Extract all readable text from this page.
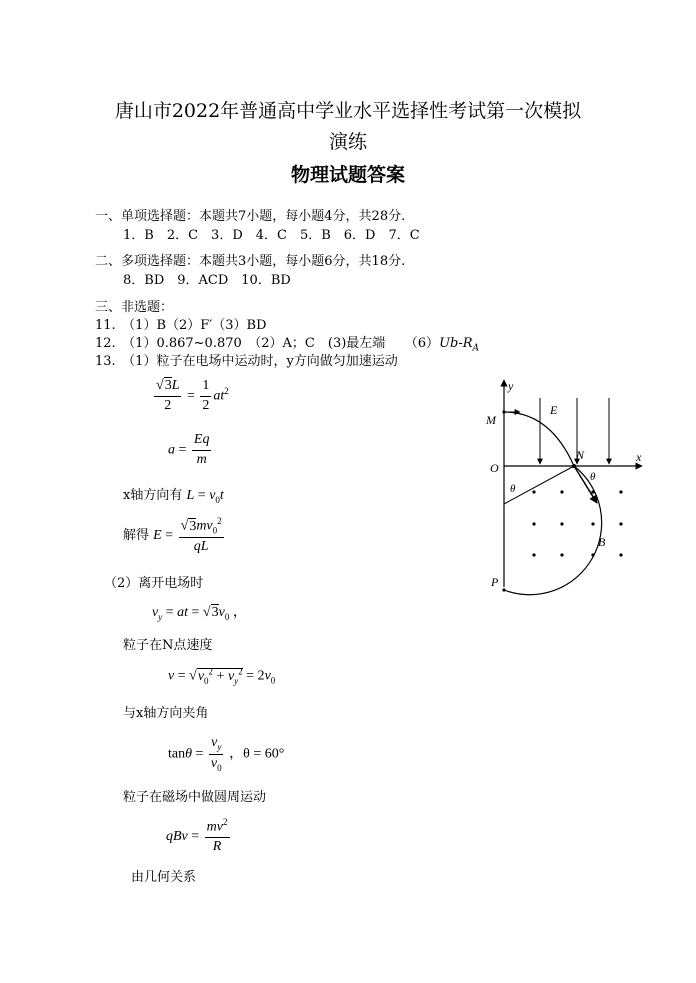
唐山市2022年普通高中学业水平选择性考试第一次模拟
演练
物理试题答案
一、单项选择题：本题共7小题，每小题4分，共28分.
1．B　2．C　3．D　4．C　5．B　6．D　7．C
二、多项选择题：本题共3小题，每小题6分，共18分.
8．BD　9．ACD　10．BD
三、非选题：
11.　（1）B（2）F′（3）BD
12.　（1）0.867~0.870　（2）A；C　(3)最左端　　$(6)Ub-R_A$
13.　（1）粒子在电场中运动时，y方向做匀加速运动
$\frac{√3L}{2} = \frac{1}{2} at^2$
$a = \frac{Eq}{m}$
x轴方向有 $L = v_0t$
解得 $E = \frac{√3mv_0^2}{qL}$
（2）离开电场时
$v_y$ = at = $√3v_0$ ，
粒子在N点速度
$v = √v_0^2 + v_y^2 = 2v_0$
与x轴方向夹角
$\tan\theta = \frac{v_y}{v_0}$ ，θ = 60°
粒子在磁场中做圆周运动
qBv = $\frac{mv^2}{R}$
由几何关系
y
x
O
M
N
P
E
B
θ
θ
